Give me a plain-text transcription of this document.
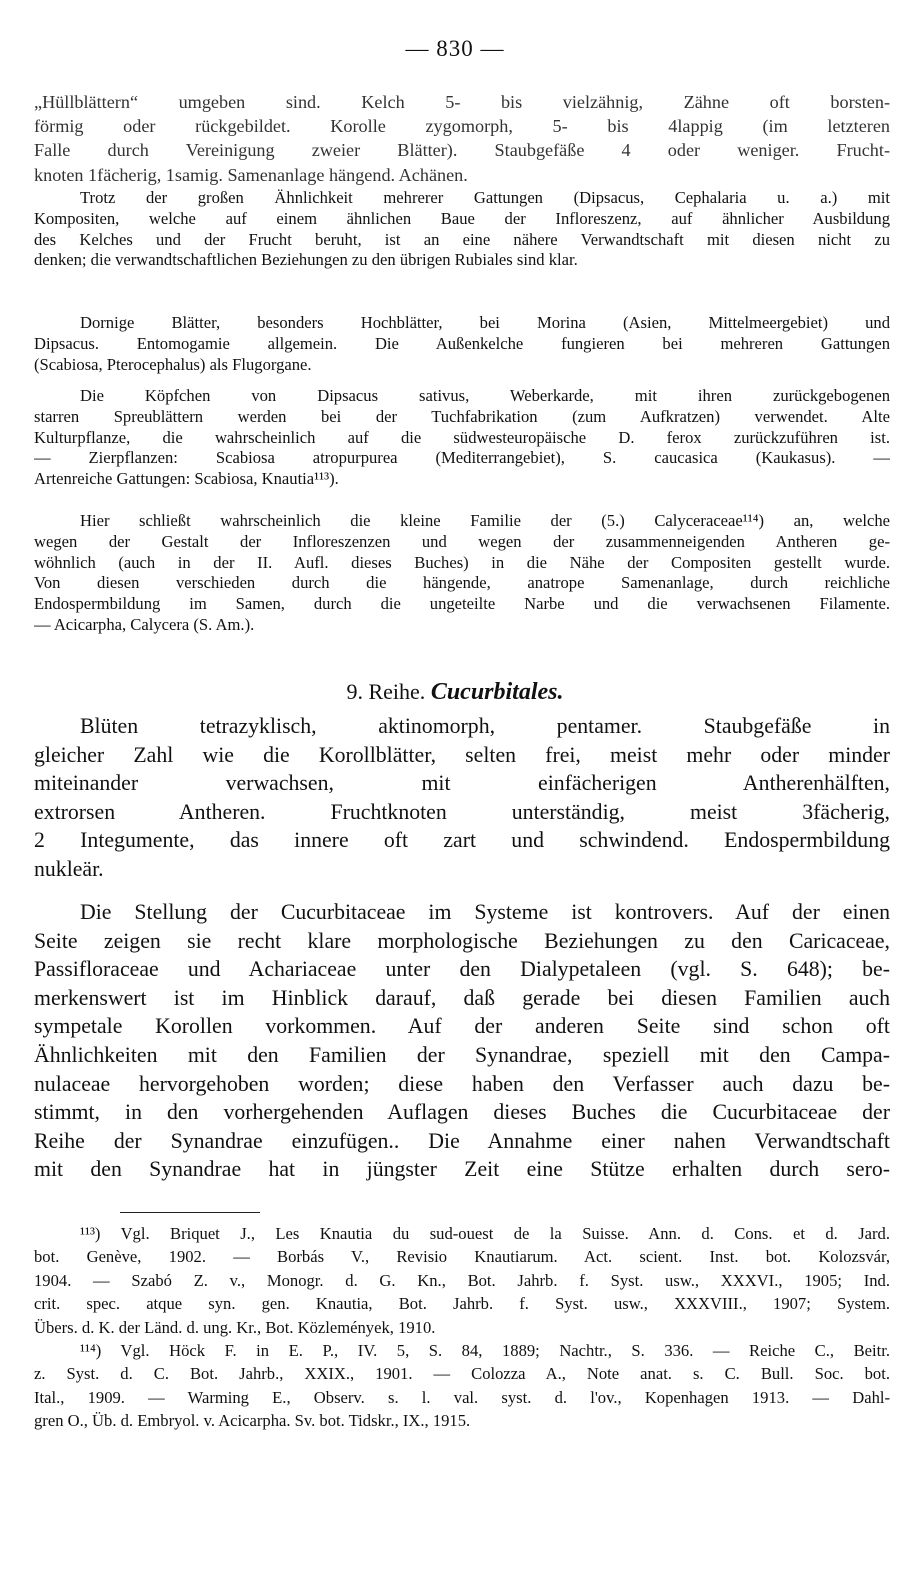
— 830 —
„Hüllblättern“ umgeben sind. Kelch 5- bis vielzähnig, Zähne oft borsten-
förmig oder rückgebildet. Korolle zygomorph, 5- bis 4lappig (im letzteren
Falle durch Vereinigung zweier Blätter). Staubgefäße 4 oder weniger. Frucht-
knoten 1fächerig, 1samig. Samenanlage hängend. Achänen.
Trotz der großen Ähnlichkeit mehrerer Gattungen (Dipsacus, Cephalaria u. a.) mit
Kompositen, welche auf einem ähnlichen Baue der Infloreszenz, auf ähnlicher Ausbildung
des Kelches und der Frucht beruht, ist an eine nähere Verwandtschaft mit diesen nicht zu
denken; die verwandtschaftlichen Beziehungen zu den übrigen Rubiales sind klar.
Dornige Blätter, besonders Hochblätter, bei Morina (Asien, Mittelmeergebiet) und
Dipsacus. Entomogamie allgemein. Die Außenkelche fungieren bei mehreren Gattungen
(Scabiosa, Pterocephalus) als Flugorgane.
Die Köpfchen von Dipsacus sativus, Weberkarde, mit ihren zurückgebogenen
starren Spreublättern werden bei der Tuchfabrikation (zum Aufkratzen) verwendet. Alte
Kulturpflanze, die wahrscheinlich auf die südwesteuropäische D. ferox zurückzuführen ist.
— Zierpflanzen: Scabiosa atropurpurea (Mediterrangebiet), S. caucasica (Kaukasus). —
Artenreiche Gattungen: Scabiosa, Knautia¹¹³).
Hier schließt wahrscheinlich die kleine Familie der (5.) Calyceraceae¹¹⁴) an, welche
wegen der Gestalt der Infloreszenzen und wegen der zusammenneigenden Antheren ge-
wöhnlich (auch in der II. Aufl. dieses Buches) in die Nähe der Compositen gestellt wurde.
Von diesen verschieden durch die hängende, anatrope Samenanlage, durch reichliche
Endospermbildung im Samen, durch die ungeteilte Narbe und die verwachsenen Filamente.
— Acicarpha, Calycera (S. Am.).
9. Reihe. Cucurbitales.
Blüten tetrazyklisch, aktinomorph, pentamer. Staubgefäße in
gleicher Zahl wie die Korollblätter, selten frei, meist mehr oder minder
miteinander verwachsen, mit einfächerigen Antherenhälften,
extrorsen Antheren. Fruchtknoten unterständig, meist 3fächerig,
2 Integumente, das innere oft zart und schwindend. Endospermbildung
nukleär.
Die Stellung der Cucurbitaceae im Systeme ist kontrovers. Auf der einen
Seite zeigen sie recht klare morphologische Beziehungen zu den Caricaceae,
Passifloraceae und Achariaceae unter den Dialypetaleen (vgl. S. 648); be-
merkenswert ist im Hinblick darauf, daß gerade bei diesen Familien auch
sympetale Korollen vorkommen. Auf der anderen Seite sind schon oft
Ähnlichkeiten mit den Familien der Synandrae, speziell mit den Campa-
nulaceae hervorgehoben worden; diese haben den Verfasser auch dazu be-
stimmt, in den vorhergehenden Auflagen dieses Buches die Cucurbitaceae der
Reihe der Synandrae einzufügen.. Die Annahme einer nahen Verwandtschaft
mit den Synandrae hat in jüngster Zeit eine Stütze erhalten durch sero-
¹¹³) Vgl. Briquet J., Les Knautia du sud-ouest de la Suisse. Ann. d. Cons. et d. Jard.
bot. Genève, 1902. — Borbás V., Revisio Knautiarum. Act. scient. Inst. bot. Kolozsvár,
1904. — Szabó Z. v., Monogr. d. G. Kn., Bot. Jahrb. f. Syst. usw., XXXVI., 1905; Ind.
crit. spec. atque syn. gen. Knautia, Bot. Jahrb. f. Syst. usw., XXXVIII., 1907; System.
Übers. d. K. der Länd. d. ung. Kr., Bot. Közlemények, 1910.
¹¹⁴) Vgl. Höck F. in E. P., IV. 5, S. 84, 1889; Nachtr., S. 336. — Reiche C., Beitr.
z. Syst. d. C. Bot. Jahrb., XXIX., 1901. — Colozza A., Note anat. s. C. Bull. Soc. bot.
Ital., 1909. — Warming E., Observ. s. l. val. syst. d. l'ov., Kopenhagen 1913. — Dahl-
gren O., Üb. d. Embryol. v. Acicarpha. Sv. bot. Tidskr., IX., 1915.
